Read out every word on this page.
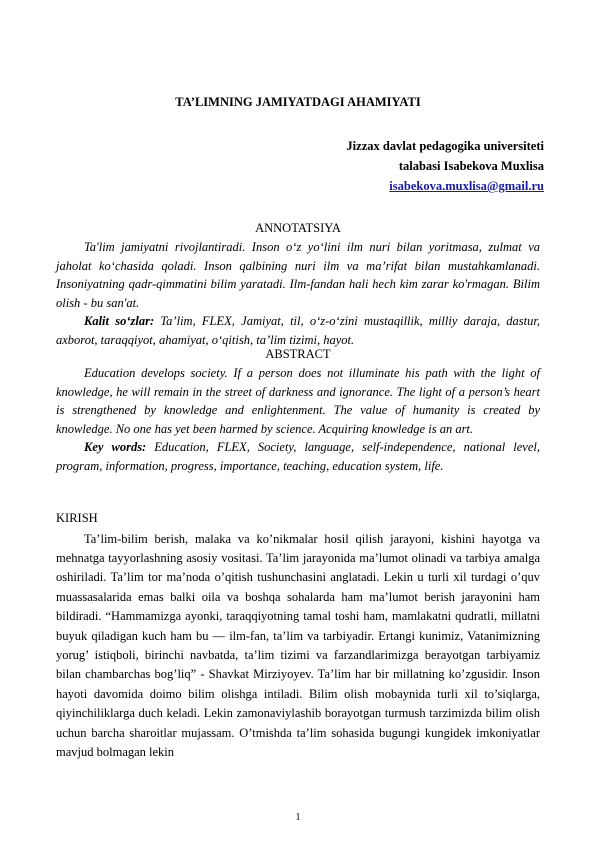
TA’LIMNING JAMIYATDAGI AHAMIYATI
Jizzax davlat pedagogika universiteti
talabasi Isabekova Muxlisa
isabekova.muxlisa@gmail.ru
ANNOTATSIYA

Ta'lim jamiyatni rivojlantiradi. Inson o‘z yo‘lini ilm nuri bilan yoritmasa, zulmat va jaholat ko‘chasida qoladi. Inson qalbining nuri ilm va ma’rifat bilan mustahkamlanadi. Insoniyatning qadr-qimmatini bilim yaratadi. Ilm-fandan hali hech kim zarar ko'rmagan. Bilim olish - bu san'at.

Kalit so‘zlar: Ta’lim, FLEX, Jamiyat, til, o‘z-o‘zini mustaqillik, milliy daraja, dastur, axborot, taraqqiyot, ahamiyat, o‘qitish, ta’lim tizimi, hayot.

ABSTRACT

Education develops society. If a person does not illuminate his path with the light of knowledge, he will remain in the street of darkness and ignorance. The light of a person’s heart is strengthened by knowledge and enlightenment. The value of humanity is created by knowledge. No one has yet been harmed by science. Acquiring knowledge is an art.

Key words: Education, FLEX, Society, language, self-independence, national level, program, information, progress, importance, teaching, education system, life.

KIRISH

Ta’lim-bilim berish, malaka va ko’nikmalar hosil qilish jarayoni, kishini hayotga va mehnatga tayyorlashning asosiy vositasi. Ta’lim jarayonida ma’lumot olinadi va tarbiya amalga oshiriladi. Ta’lim tor ma’noda o’qitish tushunchasini anglatadi. Lekin u turli xil turdagi o’quv muassasalarida emas balki oila va boshqa sohalarda ham ma’lumot berish jarayonini ham bildiradi. “Hammamizga ayonki, taraqqiyotning tamal toshi ham, mamlakatni qudratli, millatni buyuk qiladigan kuch ham bu — ilm-fan, ta’lim va tarbiyadir. Ertangi kunimiz, Vatanimizning yorug’ istiqboli, birinchi navbatda, ta’lim tizimi va farzandlarimizga berayotgan tarbiyamiz bilan chambarchas bog’liq” - Shavkat Mirziyoyev. Ta’lim har bir millatning ko’zgusidir. Inson hayoti davomida doimo bilim olishga intiladi. Bilim olish mobaynida turli xil to’siqlarga, qiyinchiliklarga duch keladi. Lekin zamonaviylashib borayotgan turmush tarzimizda bilim olish uchun barcha sharoitlar mujassam. O’tmishda ta’lim sohasida bugungi kungidek imkoniyatlar mavjud bolmagan lekin

1
